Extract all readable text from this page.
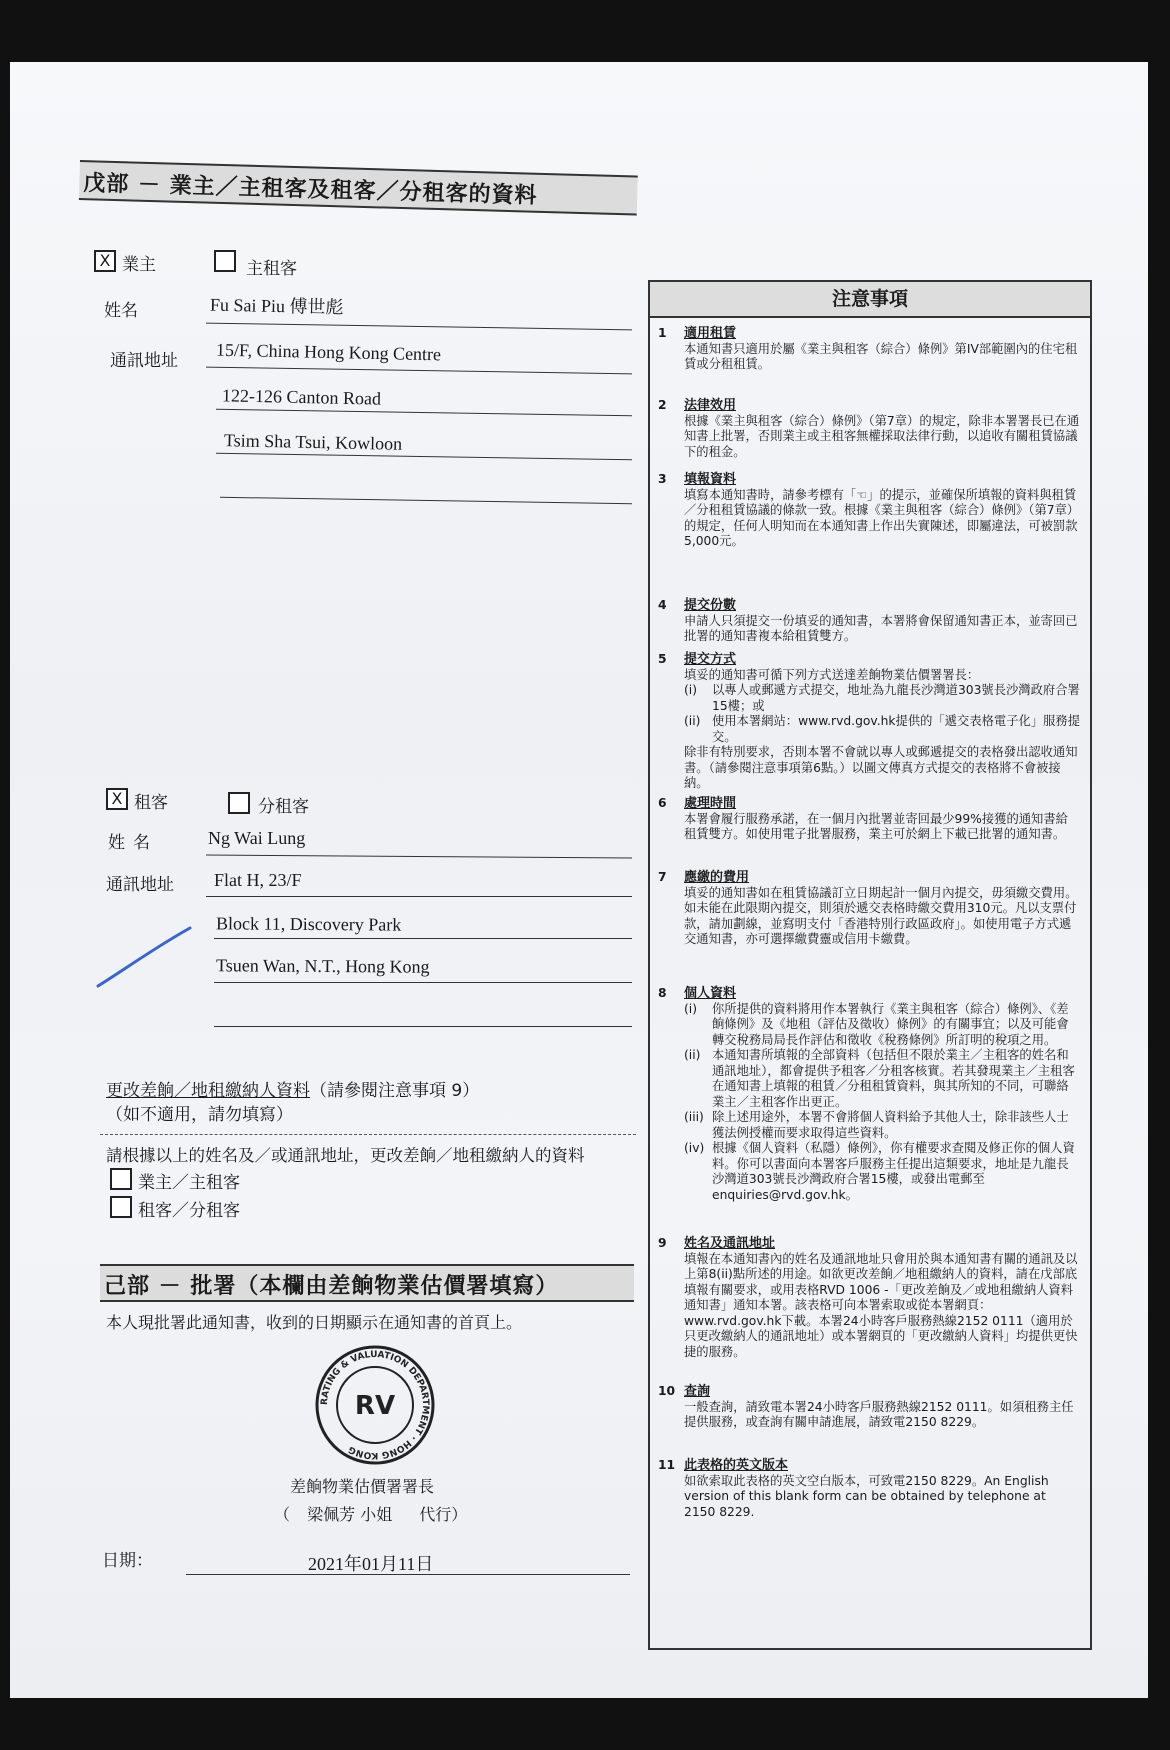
戊部 － 業主／主租客及租客／分租客的資料
X 業主	主租客
姓名	Fu Sai Piu 傅世彪
通訊地址 15/F, China Hong Kong Centre
122-126 Canton Road
Tsim Sha Tsui, Kowloon
X 租客	分租客
姓名	Ng Wai Lung
通訊地址 Flat H, 23/F
Block 11, Discovery Park
Tsuen Wan, N.T., Hong Kong
更改差餉／地租繳納人資料（請參閱注意事項 9）
（如不適用，請勿填寫）
請根據以上的姓名及／或通訊地址，更改差餉／地租繳納人的資料
業主／主租客
租客／分租客
己部 － 批署（本欄由差餉物業估價署填寫）
本人現批署此通知書，收到的日期顯示在通知書的首頁上。
RATING & VALUATION DEPARTMENT · HONG KONG
RV
差餉物業估價署署長
（ 梁佩芳 小姐 代行）
日期：	2021年01月11日
注意事項
1 適用租賃
本通知書只適用於屬《業主與租客（綜合）條例》第IV部範圍內的住宅租賃或分租租賃。
2 法律效用
根據《業主與租客（綜合）條例》（第7章）的規定，除非本署署長已在通知書上批署，否則業主或主租客無權採取法律行動，以追收有關租賃協議下的租金。
3 填報資料
填寫本通知書時，請參考標有「☜」的提示，並確保所填報的資料與租賃／分租租賃協議的條款一致。根據《業主與租客（綜合）條例》（第7章）的規定，任何人明知而在本通知書上作出失實陳述，即屬違法，可被罰款5,000元。
4 提交份數
申請人只須提交一份填妥的通知書，本署將會保留通知書正本，並寄回已批署的通知書複本給租賃雙方。
5 提交方式
填妥的通知書可循下列方式送達差餉物業估價署署長：
(i)	以專人或郵遞方式提交，地址為九龍長沙灣道303號長沙灣政府合署15樓；或
(ii) 使用本署網站：www.rvd.gov.hk提供的「遞交表格電子化」服務提交。
除非有特別要求，否則本署不會就以專人或郵遞提交的表格發出認收通知書。（請參閱注意事項第6點。）以圖文傳真方式提交的表格將不會被接納。
6 處理時間
本署會履行服務承諾，在一個月內批署並寄回最少99%接獲的通知書給租賃雙方。如使用電子批署服務，業主可於網上下載已批署的通知書。
7 應繳的費用
填妥的通知書如在租賃協議訂立日期起計一個月內提交，毋須繳交費用。如未能在此限期內提交，則須於遞交表格時繳交費用310元。凡以支票付款，請加劃線，並寫明支付「香港特別行政區政府」。如使用電子方式遞交通知書，亦可選擇繳費靈或信用卡繳費。
8 個人資料
(i)	你所提供的資料將用作本署執行《業主與租客（綜合）條例》、《差餉條例》及《地租（評估及徵收）條例》的有關事宜；以及可能會轉交稅務局局長作評估和徵收《稅務條例》所訂明的稅項之用。
(ii) 本通知書所填報的全部資料（包括但不限於業主／主租客的姓名和通訊地址），都會提供予租客／分租客核實。若其發現業主／主租客在通知書上填報的租賃／分租租賃資料，與其所知的不同，可聯絡業主／主租客作出更正。
(iii) 除上述用途外，本署不會將個人資料給予其他人士，除非該些人士獲法例授權而要求取得這些資料。
(iv) 根據《個人資料（私隱）條例》，你有權要求查閱及修正你的個人資料。你可以書面向本署客戶服務主任提出這類要求，地址是九龍長沙灣道303號長沙灣政府合署15樓，或發出電郵至enquiries@rvd.gov.hk。
9 姓名及通訊地址
填報在本通知書內的姓名及通訊地址只會用於與本通知書有關的通訊及以上第8(ii)點所述的用途。如欲更改差餉／地租繳納人的資料，請在戊部底填報有關要求，或用表格RVD 1006 -「更改差餉及／或地租繳納人資料通知書」通知本署。該表格可向本署索取或從本署網頁：www.rvd.gov.hk下載。本署24小時客戶服務熱線2152 0111（適用於只更改繳納人的通訊地址）或本署網頁的「更改繳納人資料」均提供更快捷的服務。
10 查詢
一般查詢，請致電本署24小時客戶服務熱線2152 0111。如須租務主任提供服務，或查詢有關申請進展，請致電2150 8229。
11 此表格的英文版本
如欲索取此表格的英文空白版本，可致電2150 8229。An English version of this blank form can be obtained by telephone at 2150 8229.
